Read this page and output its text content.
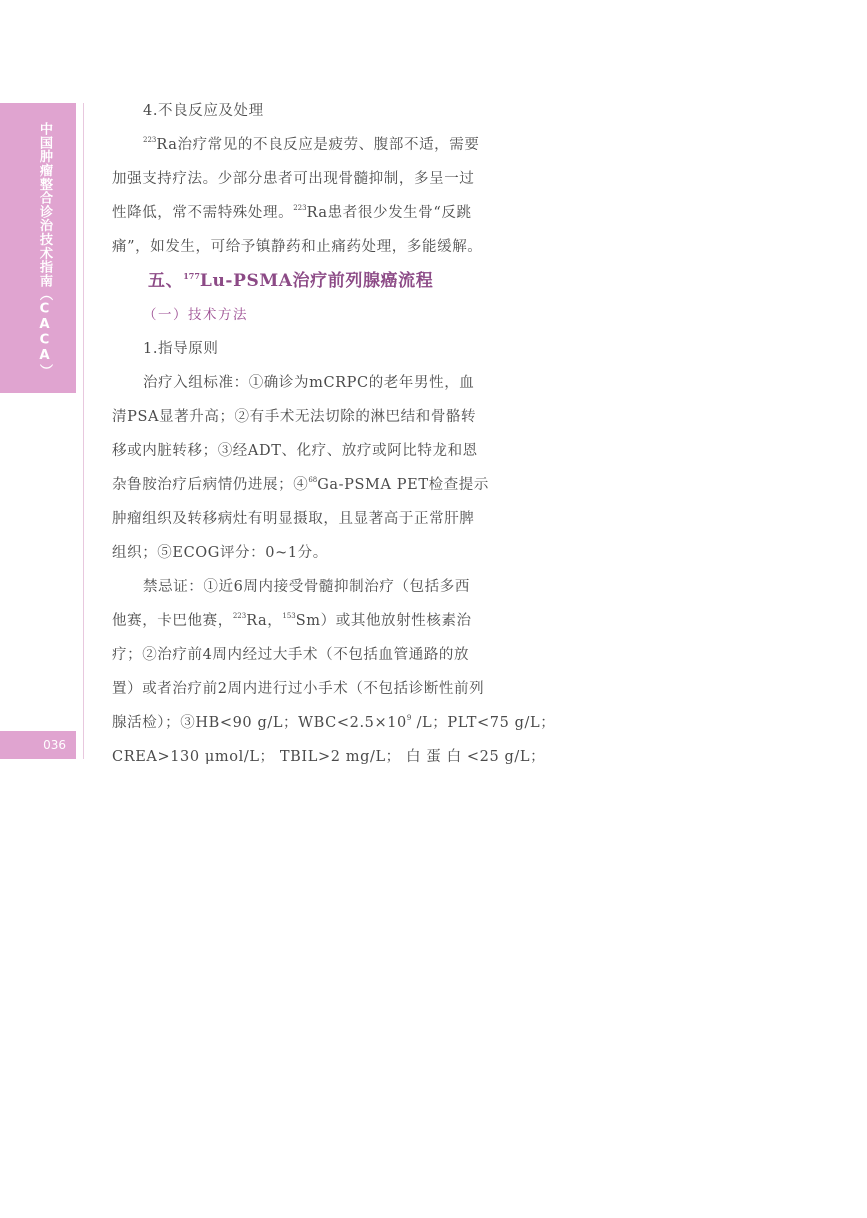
中国肿瘤整合诊治技术指南（CACA）
036
4.不良反应及处理
$^{223}$Ra治疗常见的不良反应是疲劳、腹部不适，需要
加强支持疗法。少部分患者可出现骨髓抑制，多呈一过
性降低，常不需特殊处理。$^{223}$Ra患者很少发生骨“反跳
痛”，如发生，可给予镇静药和止痛药处理，多能缓解。
五、$^{177}$Lu-PSMA治疗前列腺癌流程
（一）技术方法
1.指导原则
治疗入组标准：①确诊为mCRPC的老年男性，血
清PSA显著升高；②有手术无法切除的淋巴结和骨骼转
移或内脏转移；③经ADT、化疗、放疗或阿比特龙和恩
杂鲁胺治疗后病情仍进展；④$^{68}$Ga-PSMA PET检查提示
肿瘤组织及转移病灶有明显摄取，且显著高于正常肝脾
组织；⑤ECOG评分：0~1分。
禁忌证：①近6周内接受骨髓抑制治疗（包括多西
他赛，卡巴他赛，$^{223}$Ra，$^{153}$Sm）或其他放射性核素治
疗；②治疗前4周内经过大手术（不包括血管通路的放
置）或者治疗前2周内进行过小手术（不包括诊断性前列
腺活检）；③HB<90 g/L；$WBC<2.5\times 10^9$ /L；PLT<75 g/L；
CREA>130 μmol/L； TBIL>2 mg/L； 白 蛋 白 <25 g/L；
